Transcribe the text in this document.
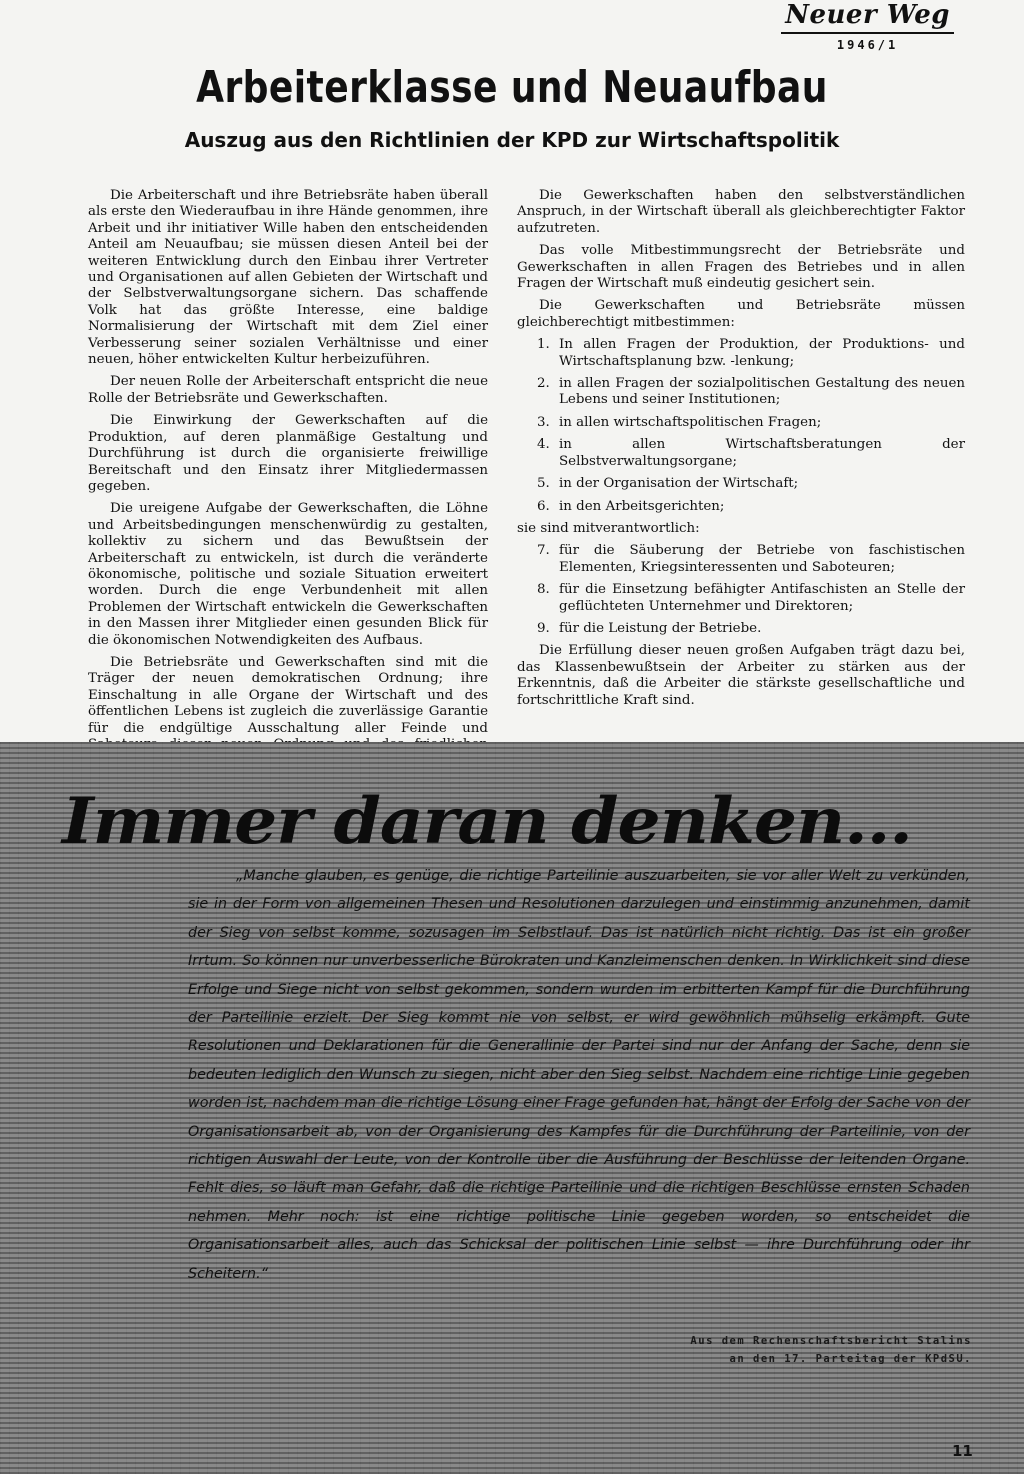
Neuer Weg
1946/1
Arbeiterklasse und Neuaufbau
Auszug aus den Richtlinien der KPD zur Wirtschaftspolitik

Die Arbeiterschaft und ihre Betriebsräte haben überall als erste den Wiederaufbau in ihre Hände genommen, ihre Arbeit und ihr initiativer Wille haben den entscheidenden Anteil am Neuaufbau; sie müssen diesen Anteil bei der weiteren Entwicklung durch den Einbau ihrer Vertreter und Organisationen auf allen Gebieten der Wirtschaft und der Selbstverwaltungsorgane sichern. Das schaffende Volk hat das größte Interesse, eine baldige Normalisierung der Wirtschaft mit dem Ziel einer Verbesserung seiner sozialen Verhältnisse und einer neuen, höher entwickelten Kultur herbeizuführen.

Der neuen Rolle der Arbeiterschaft entspricht die neue Rolle der Betriebsräte und Gewerkschaften.

Die Einwirkung der Gewerkschaften auf die Produktion, auf deren planmäßige Gestaltung und Durchführung ist durch die organisierte freiwillige Bereitschaft und den Einsatz ihrer Mitgliedermassen gegeben.

Die ureigene Aufgabe der Gewerkschaften, die Löhne und Arbeitsbedingungen menschenwürdig zu gestalten, kollektiv zu sichern und das Bewußtsein der Arbeiterschaft zu entwickeln, ist durch die veränderte ökonomische, politische und soziale Situation erweitert worden. Durch die enge Verbundenheit mit allen Problemen der Wirtschaft entwickeln die Gewerkschaften in den Massen ihrer Mitglieder einen gesunden Blick für die ökonomischen Notwendigkeiten des Aufbaus.

Die Betriebsräte und Gewerkschaften sind mit die Träger der neuen demokratischen Ordnung; ihre Einschaltung in alle Organe der Wirtschaft und des öffentlichen Lebens ist zugleich die zuverlässige Garantie für die endgültige Ausschaltung aller Feinde und

Die Gewerkschaften haben den selbstverständlichen Anspruch, in der Wirtschaft überall als gleichberechtigter Faktor aufzutreten.

Das volle Mitbestimmungsrecht der Betriebsräte und Gewerkschaften in allen Fragen des Betriebes und in allen Fragen der Wirtschaft muß eindeutig gesichert sein.

Die Gewerkschaften und Betriebsräte müssen gleichberechtigt mitbestimmen:

1. In allen Fragen der Produktion, der Produktions- und Wirtschaftsplanung bzw. -lenkung;
2. in allen Fragen der sozialpolitischen Gestaltung des neuen Lebens und seiner Institutionen;
3. in allen wirtschaftspolitischen Fragen;
4. in allen Wirtschaftsberatungen der Selbstverwaltungsorgane;
5. in der Organisation der Wirtschaft;
6. in den Arbeitsgerichten;

sie sind mitverantwortlich:

7. für die Säuberung der Betriebe von faschistischen Elementen, Kriegsinteressenten und Saboteuren;
8. für die Einsetzung befähigter Antifaschisten an Stelle der geflüchteten Unternehmer und Direktoren;
9. für die Leistung der Betriebe.

Die Erfüllung dieser neuen großen Aufgaben trägt dazu bei, das Klassenbewußtsein der Arbeiter zu stärken aus der Erkenntnis, daß die Arbeiter die stärkste gesellschaftliche und fortschrittliche Kraft sind.

Immer daran denken...

„Manche glauben, es genüge, die richtige Parteilinie auszuarbeiten, sie vor aller Welt zu verkünden, sie in der Form von allgemeinen Thesen und Resolutionen darzulegen und einstimmig anzunehmen, damit der Sieg von selbst komme, sozusagen im Selbstlauf. Das ist natürlich nicht richtig. Das ist ein großer Irrtum. So können nur unverbesserliche Bürokraten und Kanzleimenschen denken. In Wirklichkeit sind diese Erfolge und Siege nicht von selbst gekommen, sondern wurden im erbitterten Kampf für die Durchführung der Parteilinie erzielt. Der Sieg kommt nie von selbst, er wird gewöhnlich mühselig erkämpft. Gute Resolutionen und Deklarationen für die Generallinie der Partei sind nur der Anfang der Sache, denn sie bedeuten lediglich den Wunsch zu siegen, nicht aber den Sieg selbst. Nachdem eine richtige Linie gegeben worden ist, nachdem man die richtige Lösung einer Frage gefunden hat, hängt der Erfolg der Sache von der Organisationsarbeit ab, von der Organisierung des Kampfes für die Durchführung der Parteilinie, von der richtigen Auswahl der Leute, von der Kontrolle über die Ausführung der Beschlüsse der leitenden Organe. Fehlt dies, so läuft man Gefahr, daß die richtige Parteilinie und die richtigen Beschlüsse ernsten Schaden nehmen. Mehr noch: ist eine richtige politische Linie gegeben worden, so entscheidet die Organisationsarbeit alles, auch das Schicksal der politischen Linie selbst — ihre Durchführung oder ihr Scheitern.“

Aus dem Rechenschaftsbericht Stalins
an den 17. Parteitag der KPdSU.
11
